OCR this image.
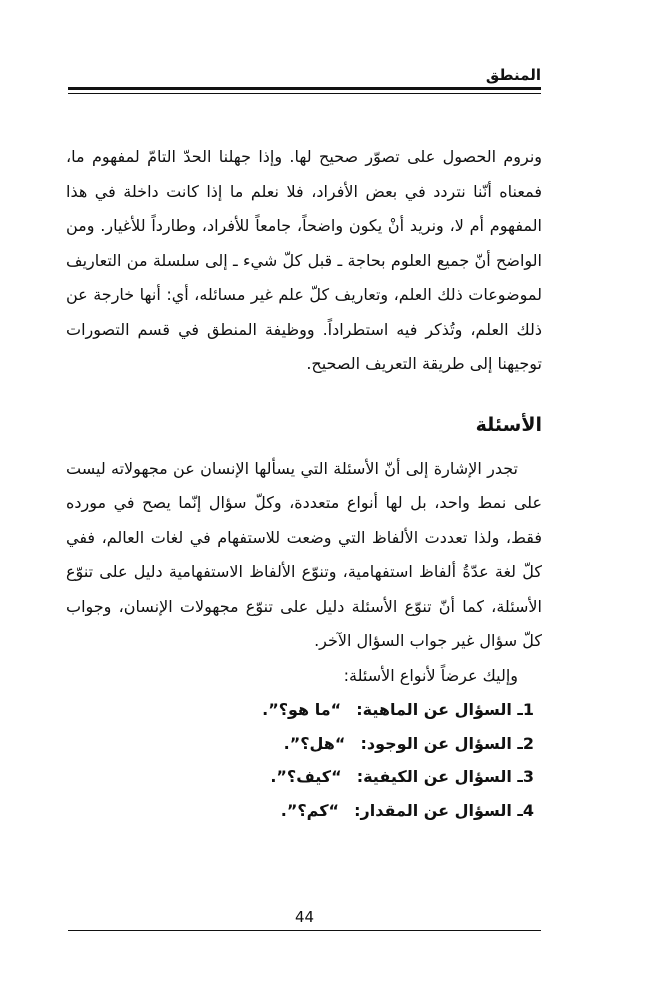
المنطق

ونروم الحصول على تصوّر صحيح لها. وإذا جهلنا الحدّ التامّ لمفهوم ما، فمعناه أنّنا نتردد في بعض الأفراد، فلا نعلم ما إذا كانت داخلة في هذا المفهوم أم لا، ونريد أنْ يكون واضحاً، جامعاً للأفراد، وطارداً للأغيار. ومن الواضح أنّ جميع العلوم بحاجة ـ قبل كلّ شيء ـ إلى سلسلة من التعاريف لموضوعات ذلك العلم، وتعاريف كلّ علم غير مسائله، أي: أنها خارجة عن ذلك العلم، وتُذكر فيه استطراداً. ووظيفة المنطق في قسم التصورات توجيهنا إلى طريقة التعريف الصحيح.

الأسئلة

تجدر الإشارة إلى أنّ الأسئلة التي يسألها الإنسان عن مجهولاته ليست على نمط واحد، بل لها أنواع متعددة، وكلّ سؤال إنّما يصح في مورده فقط، ولذا تعددت الألفاظ التي وضعت للاستفهام في لغات العالم، ففي كلّ لغة عدّةُ ألفاظ استفهامية، وتنوّع الألفاظ الاستفهامية دليل على تنوّع الأسئلة، كما أنّ تنوّع الأسئلة دليل على تنوّع مجهولات الإنسان، وجواب كلّ سؤال غير جواب السؤال الآخر.

وإليك عرضاً لأنواع الأسئلة:

1ـ السؤال عن الماهية: “ما هو؟”.
2ـ السؤال عن الوجود: “هل؟”.
3ـ السؤال عن الكيفية: “كيف؟”.
4ـ السؤال عن المقدار: “كم؟”.
44
